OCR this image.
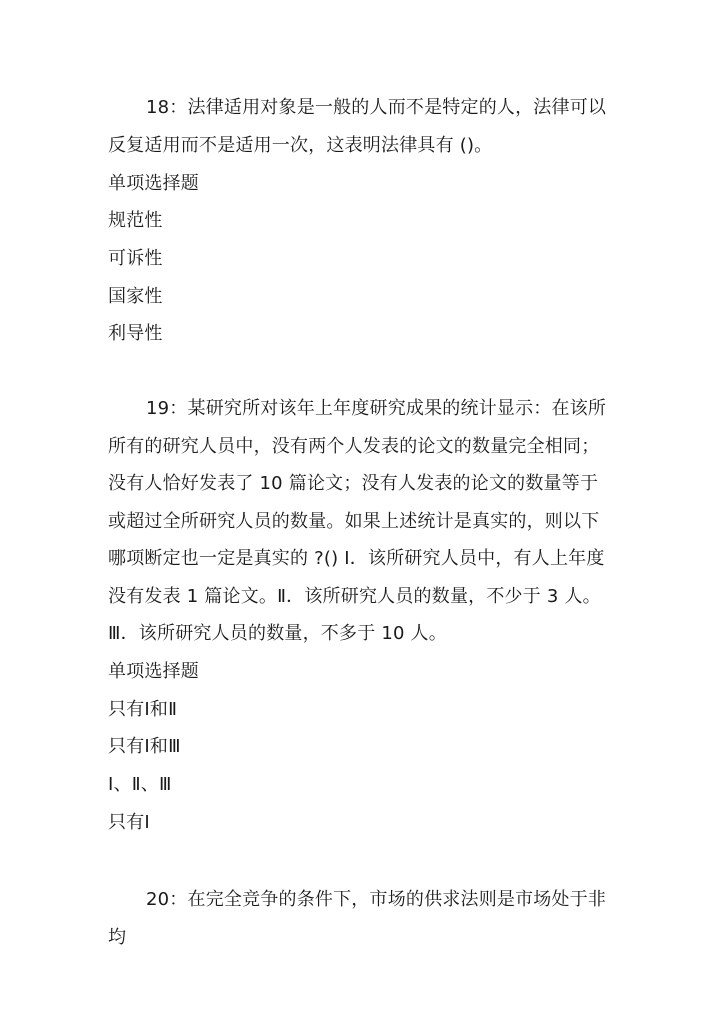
18：法律适用对象是一般的人而不是特定的人，法律可以反复适用而不是适用一次，这表明法律具有 ()。
单项选择题
规范性
可诉性
国家性
利导性
19：某研究所对该年上年度研究成果的统计显示：在该所所有的研究人员中，没有两个人发表的论文的数量完全相同；没有人恰好发表了 10 篇论文；没有人发表的论文的数量等于或超过全所研究人员的数量。如果上述统计是真实的，则以下哪项断定也一定是真实的 ?() Ⅰ．该所研究人员中，有人上年度没有发表 1 篇论文。Ⅱ．该所研究人员的数量，不少于 3 人。Ⅲ．该所研究人员的数量，不多于 10 人。
单项选择题
只有Ⅰ和Ⅱ
只有Ⅰ和Ⅲ
Ⅰ、Ⅱ、Ⅲ
只有Ⅰ
20：在完全竞争的条件下，市场的供求法则是市场处于非均
